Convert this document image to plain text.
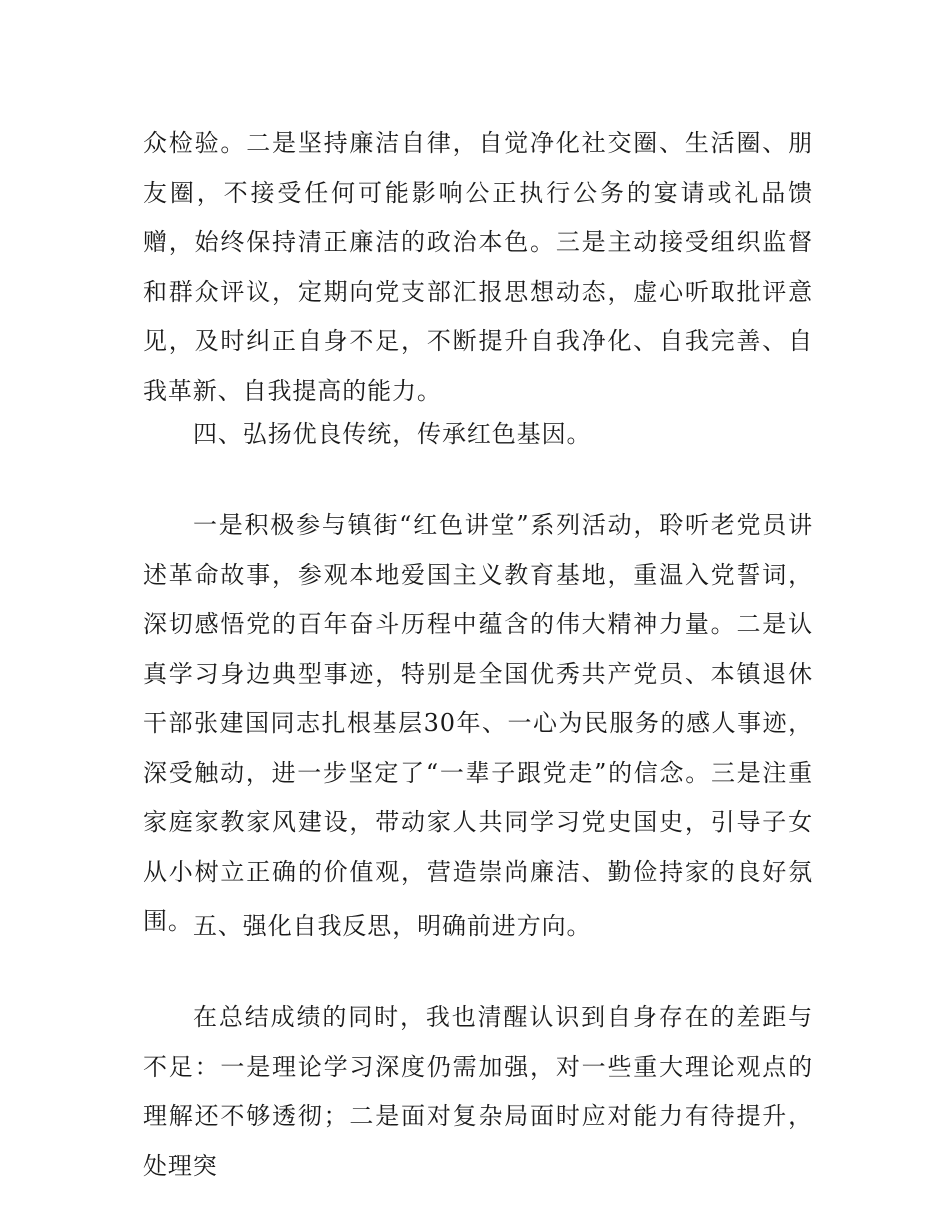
众检验。二是坚持廉洁自律，自觉净化社交圈、生活圈、朋友圈，不接受任何可能影响公正执行公务的宴请或礼品馈赠，始终保持清正廉洁的政治本色。三是主动接受组织监督和群众评议，定期向党支部汇报思想动态，虚心听取批评意见，及时纠正自身不足，不断提升自我净化、自我完善、自我革新、自我提高的能力。

四、弘扬优良传统，传承红色基因。

一是积极参与镇街“红色讲堂”系列活动，聆听老党员讲述革命故事，参观本地爱国主义教育基地，重温入党誓词，深切感悟党的百年奋斗历程中蕴含的伟大精神力量。二是认真学习身边典型事迹，特别是全国优秀共产党员、本镇退休干部张建国同志扎根基层30年、一心为民服务的感人事迹，深受触动，进一步坚定了“一辈子跟党走”的信念。三是注重家庭家教家风建设，带动家人共同学习党史国史，引导子女从小树立正确的价值观，营造崇尚廉洁、勤俭持家的良好氛围。 五、强化自我反思，明确前进方向。

在总结成绩的同时，我也清醒认识到自身存在的差距与不足：一是理论学习深度仍需加强，对一些重大理论观点的理解还不够透彻；二是面对复杂局面时应对能力有待提升，处理突
